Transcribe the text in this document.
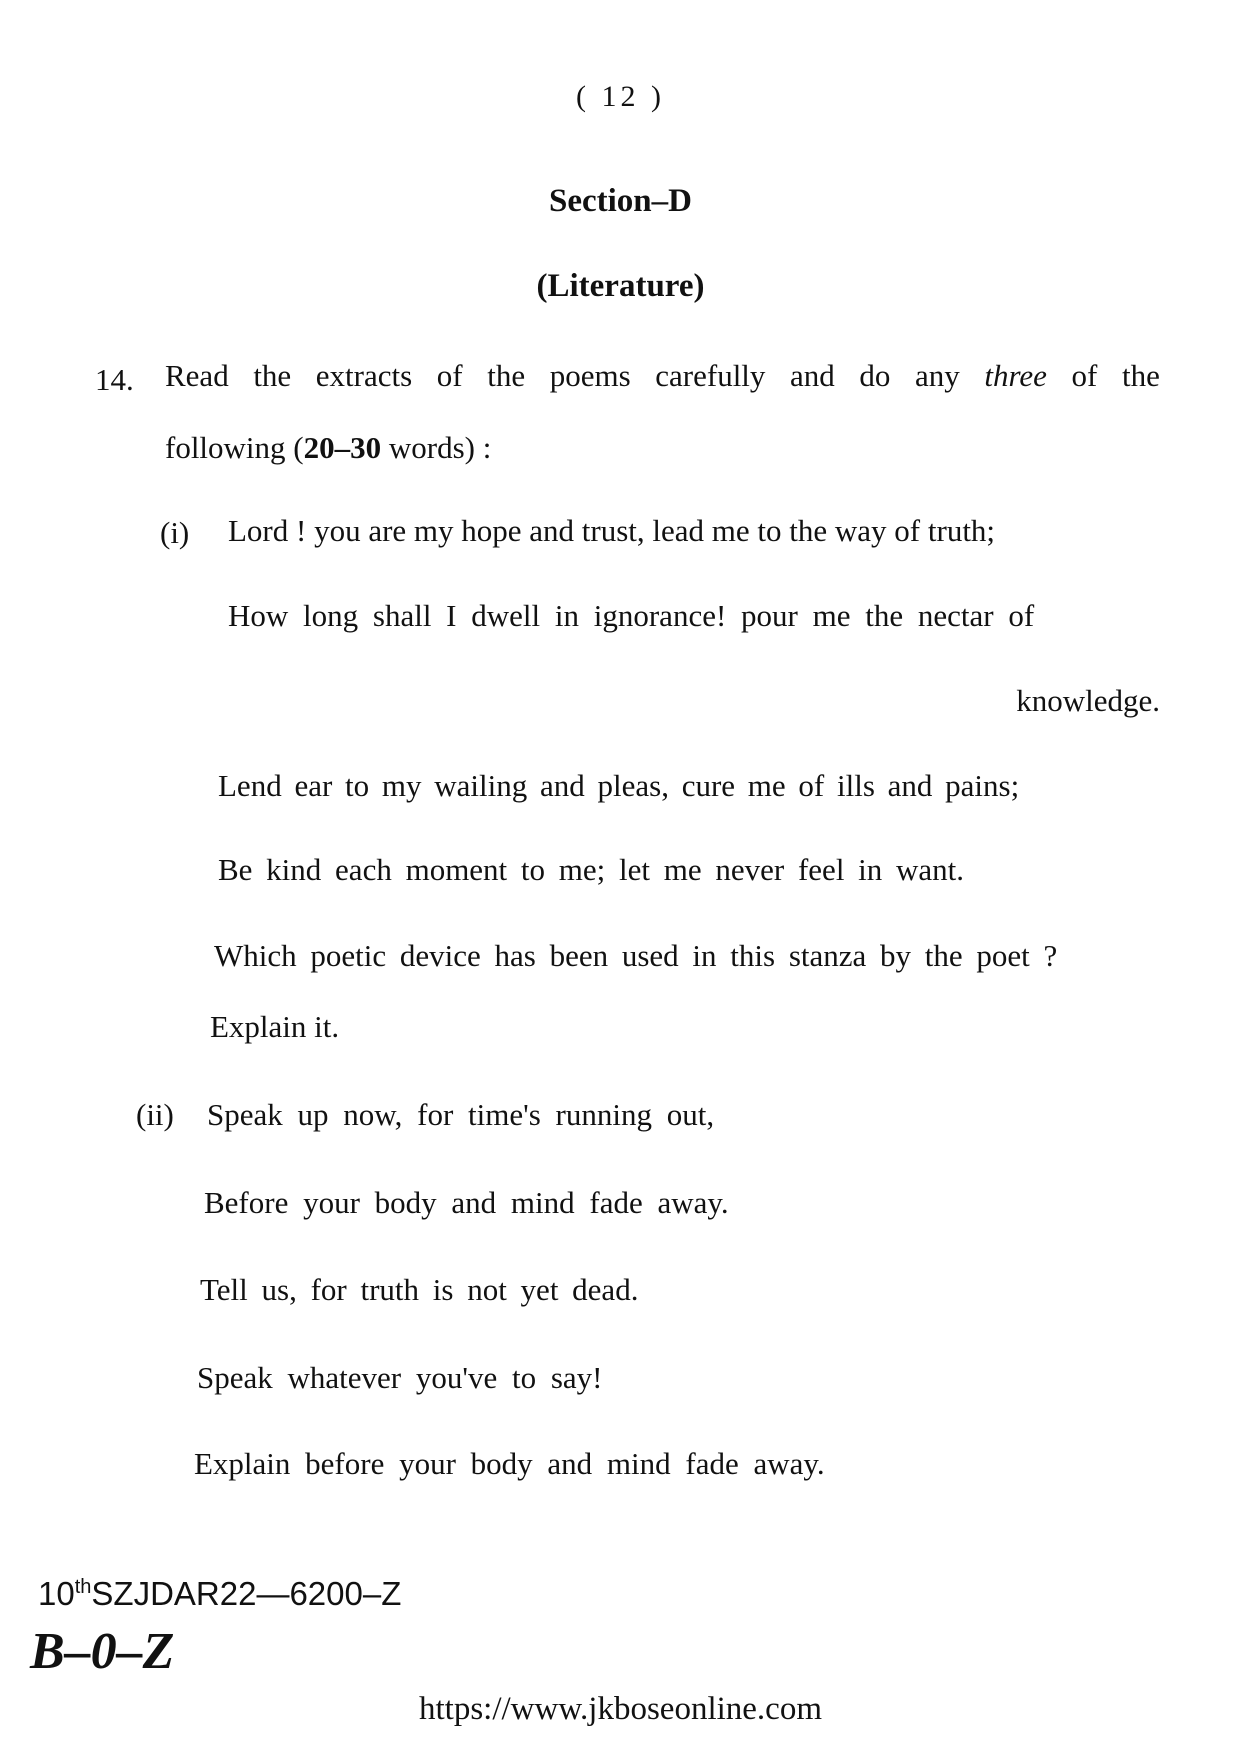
( 12 )
Section–D
(Literature)
14. Read the extracts of the poems carefully and do any three of the
following (20–30 words) :
(i) Lord ! you are my hope and trust, lead me to the way of truth;
How long shall I dwell in ignorance! pour me the nectar of
knowledge.
Lend ear to my wailing and pleas, cure me of ills and pains;
Be kind each moment to me; let me never feel in want.
Which poetic device has been used in this stanza by the poet ?
Explain it.
(ii) Speak up now, for time's running out,
Before your body and mind fade away.
Tell us, for truth is not yet dead.
Speak whatever you've to say!
Explain before your body and mind fade away.
10thSZJDAR22—6200–Z
B–0–Z
https://www.jkboseonline.com
